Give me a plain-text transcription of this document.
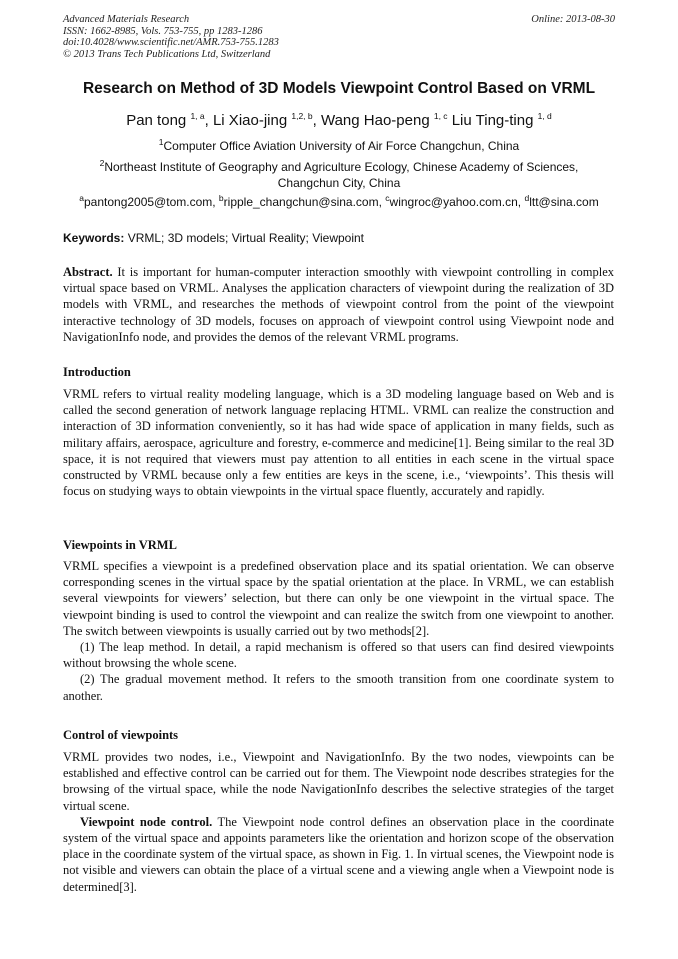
Advanced Materials Research
ISSN: 1662-8985, Vols. 753-755, pp 1283-1286
doi:10.4028/www.scientific.net/AMR.753-755.1283
© 2013 Trans Tech Publications Ltd, Switzerland
Online: 2013-08-30
Research on Method of 3D Models Viewpoint Control Based on VRML
Pan tong $^{1, a}$, Li Xiao-jing $^{1,2, b}$, Wang Hao-peng $^{1, c}$ Liu Ting-ting $^{1, d}$
$^1$Computer Office Aviation University of Air Force Changchun, China
$^2$Northeast Institute of Geography and Agriculture Ecology, Chinese Academy of Sciences, Changchun City, China
$^a$pantong2005@tom.com, $^b$ripple_changchun@sina.com, $^c$wingroc@yahoo.com.cn, $^d$ltt@sina.com
Keywords: VRML; 3D models; Virtual Reality; Viewpoint

Abstract. It is important for human-computer interaction smoothly with viewpoint controlling in complex virtual space based on VRML. Analyses the application characters of viewpoint during the realization of 3D models with VRML, and researches the methods of viewpoint control from the point of the viewpoint interactive technology of 3D models, focuses on approach of viewpoint control using Viewpoint node and NavigationInfo node, and provides the demos of the relevant VRML programs.

Introduction

VRML refers to virtual reality modeling language, which is a 3D modeling language based on Web and is called the second generation of network language replacing HTML. VRML can realize the construction and interaction of 3D information conveniently, so it has had wide space of application in many fields, such as military affairs, aerospace, agriculture and forestry, e-commerce and medicine[1]. Being similar to the real 3D space, it is not required that viewers must pay attention to all entities in each scene in the virtual space constructed by VRML because only a few entities are keys in the scene, i.e., ‘viewpoints’. This thesis will focus on studying ways to obtain viewpoints in the virtual space fluently, accurately and rapidly.

Viewpoints in VRML

VRML specifies a viewpoint is a predefined observation place and its spatial orientation. We can observe corresponding scenes in the virtual space by the spatial orientation at the place. In VRML, we can establish several viewpoints for viewers’ selection, but there can only be one viewpoint in the virtual space. The viewpoint binding is used to control the viewpoint and can realize the switch from one viewpoint to another. The switch between viewpoints is usually carried out by two methods[2].

(1) The leap method. In detail, a rapid mechanism is offered so that users can find desired viewpoints without browsing the whole scene.

(2) The gradual movement method. It refers to the smooth transition from one coordinate system to another.

Control of viewpoints

VRML provides two nodes, i.e., Viewpoint and NavigationInfo. By the two nodes, viewpoints can be established and effective control can be carried out for them. The Viewpoint node describes strategies for the browsing of the virtual space, while the node NavigationInfo describes the selective strategies of the target virtual scene.

Viewpoint node control. The Viewpoint node control defines an observation place in the coordinate system of the virtual space and appoints parameters like the orientation and horizon scope of the observation place in the coordinate system of the virtual space, as shown in Fig. 1. In virtual scenes, the Viewpoint node is not visible and viewers can obtain the place of a virtual scene and a viewing angle when a Viewpoint node is determined[3].
